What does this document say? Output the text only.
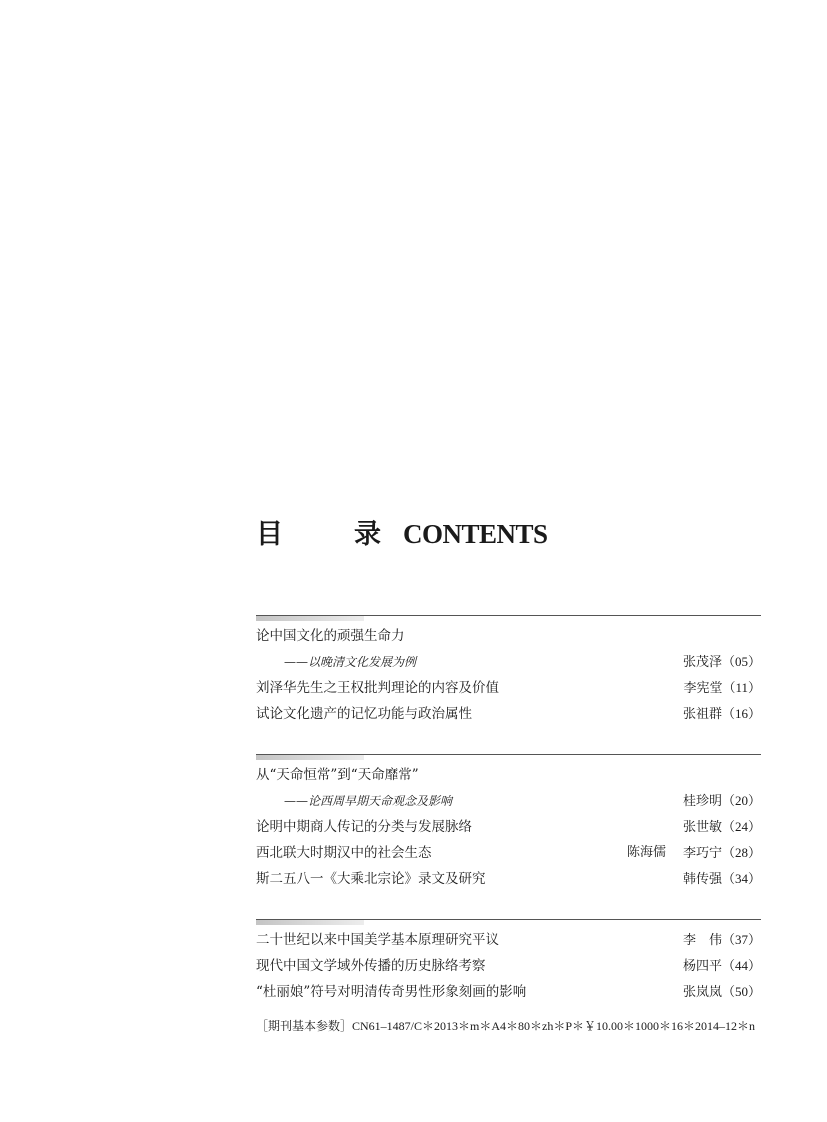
目　录CONTENTS
论中国文化的顽强生命力
——以晚清文化发展为例	张茂泽（05）
刘泽华先生之王权批判理论的内容及价值	李宪堂（11）
试论文化遗产的记忆功能与政治属性	张祖群（16）
从“天命恒常”到“天命靡常”
——论西周早期天命观念及影响	桂珍明（20）
论明中期商人传记的分类与发展脉络	张世敏（24）
西北联大时期汉中的社会生态	陈海儒 李巧宁（28）
斯二五八一《大乘北宗论》录文及研究	韩传强（34）
二十世纪以来中国美学基本原理研究平议	李　伟（37）
现代中国文学域外传播的历史脉络考察	杨四平（44）
“杜丽娘”符号对明清传奇男性形象刻画的影响	张岚岚（50）
［期刊基本参数］CN61–1487/C＊2013＊m＊A4＊80＊zh＊P＊￥10.00＊1000＊16＊2014–12＊n
